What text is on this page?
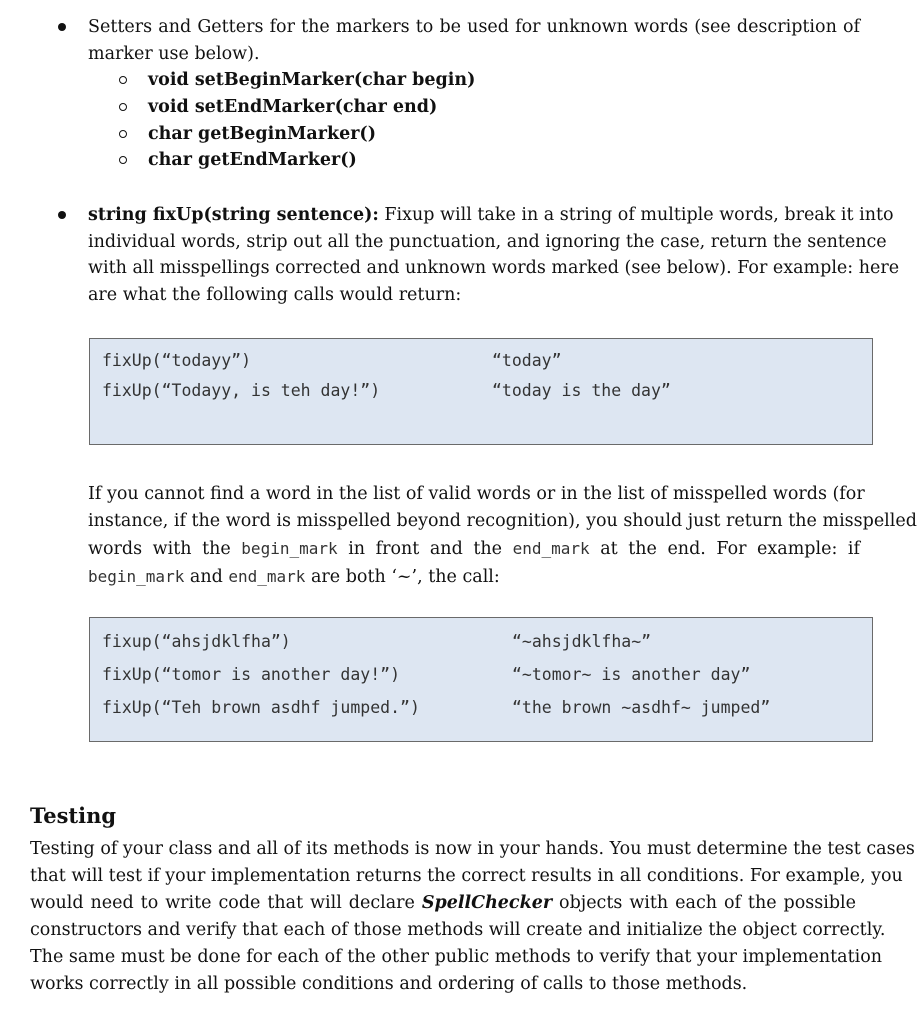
Setters and Getters for the markers to be used for unknown words (see description of
marker use below).
void setBeginMarker(char begin)
void setEndMarker(char end)
char getBeginMarker()
char getEndMarker()
string fixUp(string sentence): Fixup will take in a string of multiple words, break it into
individual words, strip out all the punctuation, and ignoring the case, return the sentence
with all misspellings corrected and unknown words marked (see below). For example: here
are what the following calls would return:
fixUp(“todayy”)	“today”
fixUp(“Todayy, is teh day!”)	“today is the day”
If you cannot find a word in the list of valid words or in the list of misspelled words (for
instance, if the word is misspelled beyond recognition), you should just return the misspelled
words with the begin_mark in front and the end_mark at the end. For example: if
begin_mark and end_mark are both ‘~’, the call:
fixup(“ahsjdklfha”)	“~ahsjdklfha~”
fixUp(“tomor is another day!”)	“~tomor~ is another day”
fixUp(“Teh brown asdhf jumped.”)	“the brown ~asdhf~ jumped”
Testing
Testing of your class and all of its methods is now in your hands. You must determine the test cases
that will test if your implementation returns the correct results in all conditions. For example, you
would need to write code that will declare SpellChecker objects with each of the possible
constructors and verify that each of those methods will create and initialize the object correctly.
The same must be done for each of the other public methods to verify that your implementation
works correctly in all possible conditions and ordering of calls to those methods.
